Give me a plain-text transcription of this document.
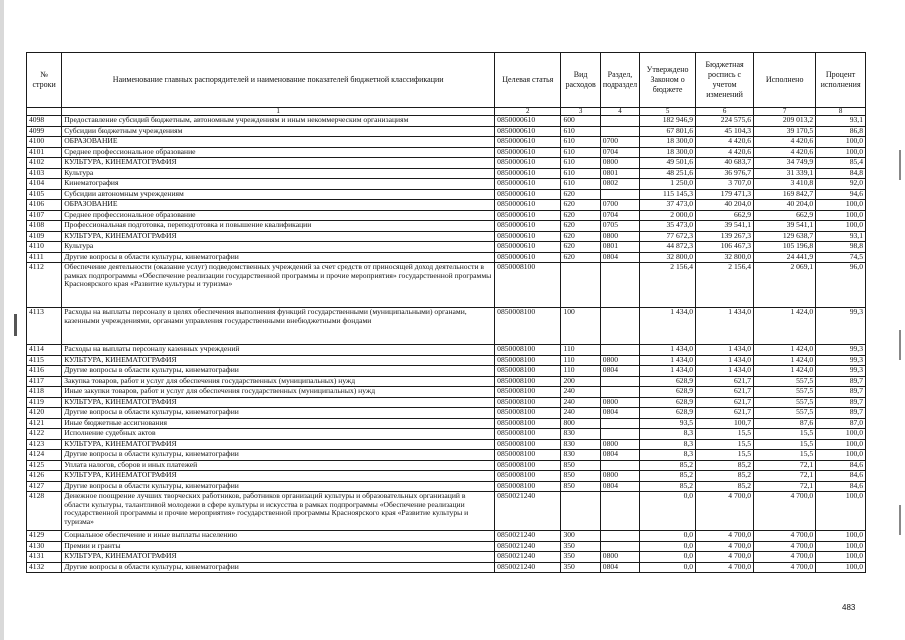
№ строки	Наименование главных распорядителей и наименование показателей бюджетной классификации	Целевая статья	Вид расходов	Раздел, подраздел	Утверждено Законом о бюджете	Бюджетная роспись с учетом изменений	Исполнено	Процент исполнения
	1	2	3	4	5	6	7	8
4098	Предоставление субсидий бюджетным, автономным учреждениям и иным некоммерческим организациям	0850000610	600		182 946,9	224 575,6	209 013,2	93,1
4099	Субсидии бюджетным учреждениям	0850000610	610		67 801,6	45 104,3	39 170,5	86,8
4100	ОБРАЗОВАНИЕ	0850000610	610	0700	18 300,0	4 420,6	4 420,6	100,0
4101	Среднее профессиональное образование	0850000610	610	0704	18 300,0	4 420,6	4 420,6	100,0
4102	КУЛЬТУРА, КИНЕМАТОГРАФИЯ	0850000610	610	0800	49 501,6	40 683,7	34 749,9	85,4
4103	Культура	0850000610	610	0801	48 251,6	36 976,7	31 339,1	84,8
4104	Кинематография	0850000610	610	0802	1 250,0	3 707,0	3 410,8	92,0
4105	Субсидии автономным учреждениям	0850000610	620		115 145,3	179 471,3	169 842,7	94,6
4106	ОБРАЗОВАНИЕ	0850000610	620	0700	37 473,0	40 204,0	40 204,0	100,0
4107	Среднее профессиональное образование	0850000610	620	0704	2 000,0	662,9	662,9	100,0
4108	Профессиональная подготовка, переподготовка и повышение квалификации	0850000610	620	0705	35 473,0	39 541,1	39 541,1	100,0
4109	КУЛЬТУРА, КИНЕМАТОГРАФИЯ	0850000610	620	0800	77 672,3	139 267,3	129 638,7	93,1
4110	Культура	0850000610	620	0801	44 872,3	106 467,3	105 196,8	98,8
4111	Другие вопросы в области культуры, кинематографии	0850000610	620	0804	32 800,0	32 800,0	24 441,9	74,5
4112	Обеспечение деятельности (оказание услуг) подведомственных учреждений за счет средств от приносящей доход деятельности в рамках подпрограммы «Обеспечение реализации государственной программы и прочие мероприятия» государственной программы Красноярского края «Развитие культуры и туризма»	0850008100			2 156,4	2 156,4	2 069,1	96,0
4113	Расходы на выплаты персоналу в целях обеспечения выполнения функций государственными (муниципальными) органами, казенными учреждениями, органами управления государственными внебюджетными фондами	0850008100	100		1 434,0	1 434,0	1 424,0	99,3
4114	Расходы на выплаты персоналу казенных учреждений	0850008100	110		1 434,0	1 434,0	1 424,0	99,3
4115	КУЛЬТУРА, КИНЕМАТОГРАФИЯ	0850008100	110	0800	1 434,0	1 434,0	1 424,0	99,3
4116	Другие вопросы в области культуры, кинематографии	0850008100	110	0804	1 434,0	1 434,0	1 424,0	99,3
4117	Закупка товаров, работ и услуг для обеспечения государственных (муниципальных) нужд	0850008100	200		628,9	621,7	557,5	89,7
4118	Иные закупки товаров, работ и услуг для обеспечения государственных (муниципальных) нужд	0850008100	240		628,9	621,7	557,5	89,7
4119	КУЛЬТУРА, КИНЕМАТОГРАФИЯ	0850008100	240	0800	628,9	621,7	557,5	89,7
4120	Другие вопросы в области культуры, кинематографии	0850008100	240	0804	628,9	621,7	557,5	89,7
4121	Иные бюджетные ассигнования	0850008100	800		93,5	100,7	87,6	87,0
4122	Исполнение судебных актов	0850008100	830		8,3	15,5	15,5	100,0
4123	КУЛЬТУРА, КИНЕМАТОГРАФИЯ	0850008100	830	0800	8,3	15,5	15,5	100,0
4124	Другие вопросы в области культуры, кинематографии	0850008100	830	0804	8,3	15,5	15,5	100,0
4125	Уплата налогов, сборов и иных платежей	0850008100	850		85,2	85,2	72,1	84,6
4126	КУЛЬТУРА, КИНЕМАТОГРАФИЯ	0850008100	850	0800	85,2	85,2	72,1	84,6
4127	Другие вопросы в области культуры, кинематографии	0850008100	850	0804	85,2	85,2	72,1	84,6
4128	Денежное поощрение лучших творческих работников, работников организаций культуры и образовательных организаций в области культуры, талантливой молодежи в сфере культуры и искусства в рамках подпрограммы «Обеспечение реализации государственной программы и прочие мероприятия» государственной программы Красноярского края «Развитие культуры и туризма»	0850021240			0,0	4 700,0	4 700,0	100,0
4129	Социальное обеспечение и иные выплаты населению	0850021240	300		0,0	4 700,0	4 700,0	100,0
4130	Премии и гранты	0850021240	350		0,0	4 700,0	4 700,0	100,0
4131	КУЛЬТУРА, КИНЕМАТОГРАФИЯ	0850021240	350	0800	0,0	4 700,0	4 700,0	100,0
4132	Другие вопросы в области культуры, кинематографии	0850021240	350	0804	0,0	4 700,0	4 700,0	100,0
483
